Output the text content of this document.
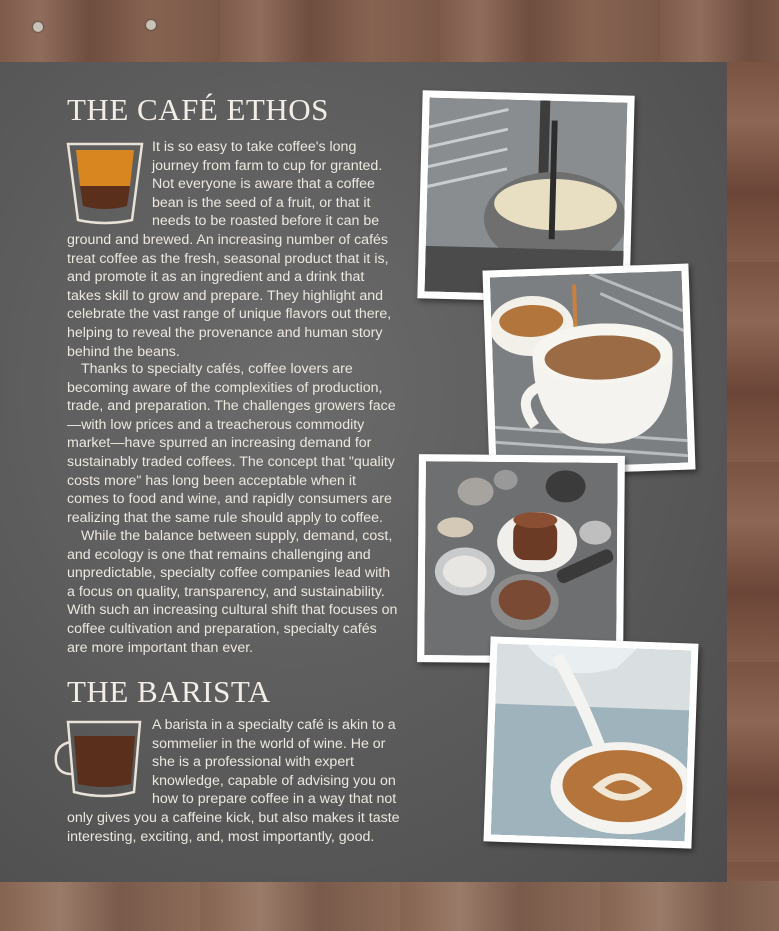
THE CAFÉ ETHOS

It is so easy to take coffee's long journey from farm to cup for granted. Not everyone is aware that a coffee bean is the seed of a fruit, or that it needs to be roasted before it can be ground and brewed. An increasing number of cafés treat coffee as the fresh, seasonal product that it is, and promote it as an ingredient and a drink that takes skill to grow and prepare. They highlight and celebrate the vast range of unique flavors out there, helping to reveal the provenance and human story behind the beans.

Thanks to specialty cafés, coffee lovers are becoming aware of the complexities of production, trade, and preparation. The challenges growers face—with low prices and a treacherous commodity market—have spurred an increasing demand for sustainably traded coffees. The concept that "quality costs more" has long been acceptable when it comes to food and wine, and rapidly consumers are realizing that the same rule should apply to coffee.

While the balance between supply, demand, cost, and ecology is one that remains challenging and unpredictable, specialty coffee companies lead with a focus on quality, transparency, and sustainability. With such an increasing cultural shift that focuses on coffee cultivation and preparation, specialty cafés are more important than ever.

THE BARISTA

A barista in a specialty café is akin to a sommelier in the world of wine. He or she is a professional with expert knowledge, capable of advising you on how to prepare coffee in a way that not only gives you a caffeine kick, but also makes it taste interesting, exciting, and, most importantly, good.
